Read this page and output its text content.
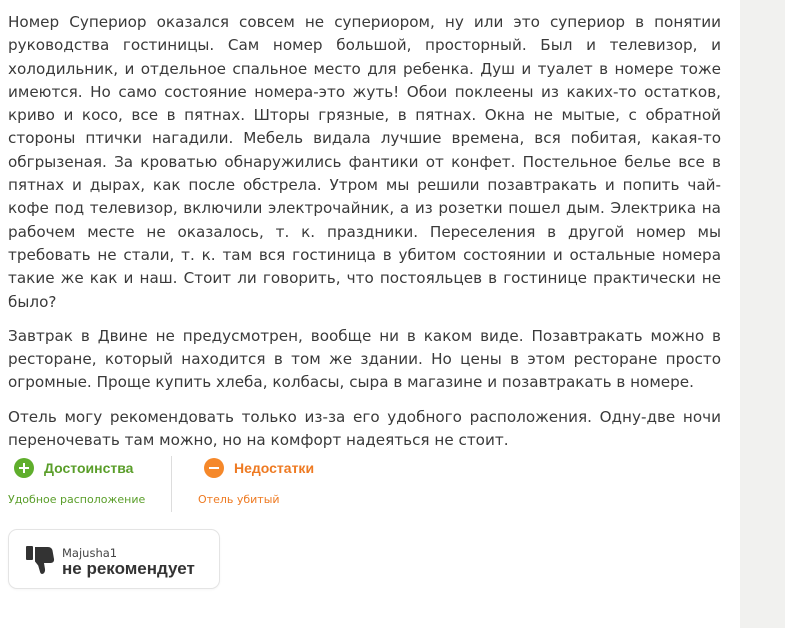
Номер Супериор оказался совсем не супериором, ну или это супериор в понятии руководства гостиницы. Сам номер большой, просторный. Был и телевизор, и холодильник, и отдельное спальное место для ребенка. Душ и туалет в номере тоже имеются. Но само состояние номера-это жуть! Обои поклеены из каких-то остатков, криво и косо, все в пятнах. Шторы грязные, в пятнах. Окна не мытые, с обратной стороны птички нагадили. Мебель видала лучшие времена, вся побитая, какая-то обгрызеная. За кроватью обнаружились фантики от конфет. Постельное белье все в пятнах и дырах, как после обстрела. Утром мы решили позавтракать и попить чай-кофе под телевизор, включили электрочайник, а из розетки пошел дым. Электрика на рабочем месте не оказалось, т. к. праздники. Переселения в другой номер мы требовать не стали, т. к. там вся гостиница в убитом состоянии и остальные номера такие же как и наш. Стоит ли говорить, что постояльцев в гостинице практически не было?

Завтрак в Двине не предусмотрен, вообще ни в каком виде. Позавтракать можно в ресторане, который находится в том же здании. Но цены в этом ресторане просто огромные. Проще купить хлеба, колбасы, сыра в магазине и позавтракать в номере.

Отель могу рекомендовать только из-за его удобного расположения. Одну-две ночи переночевать там можно, но на комфорт надеяться не стоит.

Достоинства
Удобное расположение
Недостатки
Отель убитый
Majusha1
не рекомендует
